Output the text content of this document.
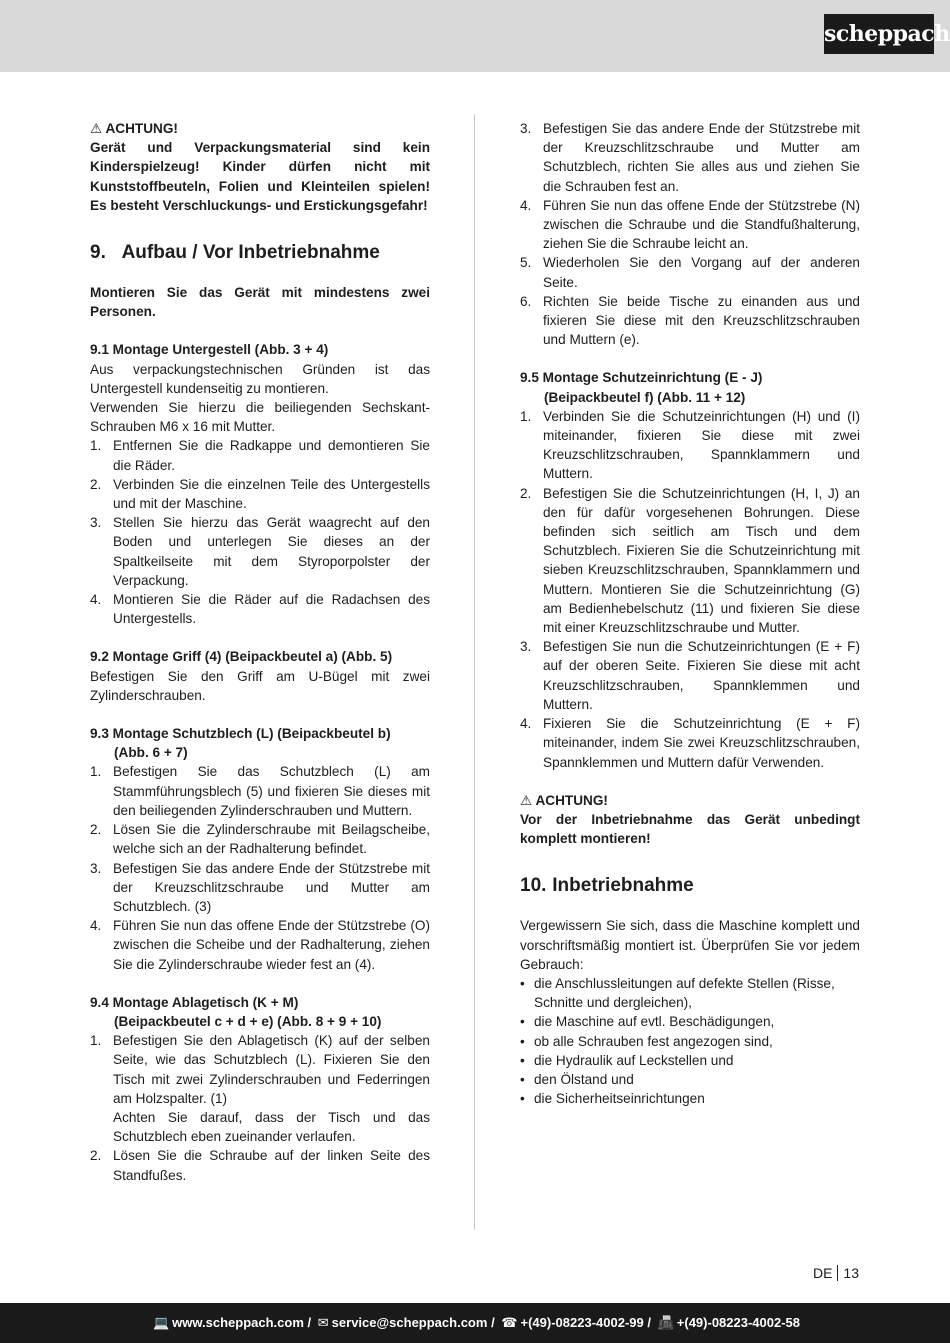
scheppach

⚠ ACHTUNG!

Gerät und Verpackungsmaterial sind kein Kinderspielzeug! Kinder dürfen nicht mit Kunststoffbeuteln, Folien und Kleinteilen spielen! Es besteht Verschluckungs- und Erstickungsgefahr!

9. Aufbau / Vor Inbetriebnahme

Montieren Sie das Gerät mit mindestens zwei Personen.

9.1 Montage Untergestell (Abb. 3 + 4)

Aus verpackungstechnischen Gründen ist das Untergestell kundenseitig zu montieren.

Verwenden Sie hierzu die beiliegenden Sechskant-Schrauben M6 x 16 mit Mutter.

1. Entfernen Sie die Radkappe und demontieren Sie die Räder.
2. Verbinden Sie die einzelnen Teile des Untergestells und mit der Maschine.
3. Stellen Sie hierzu das Gerät waagrecht auf den Boden und unterlegen Sie dieses an der Spaltkeilseite mit dem Styroporpolster der Verpackung.
4. Montieren Sie die Räder auf die Radachsen des Untergestells.

9.2 Montage Griff (4) (Beipackbeutel a) (Abb. 5)

Befestigen Sie den Griff am U-Bügel mit zwei Zylinderschrauben.

9.3 Montage Schutzblech (L) (Beipackbeutel b)

(Abb. 6 + 7)

1. Befestigen Sie das Schutzblech (L) am Stammführungsblech (5) und fixieren Sie dieses mit den beiliegenden Zylinderschrauben und Muttern.
2. Lösen Sie die Zylinderschraube mit Beilagscheibe, welche sich an der Radhalterung befindet.
3. Befestigen Sie das andere Ende der Stützstrebe mit der Kreuzschlitzschraube und Mutter am Schutzblech. (3)
4. Führen Sie nun das offene Ende der Stützstrebe (O) zwischen die Scheibe und der Radhalterung, ziehen Sie die Zylinderschraube wieder fest an (4).

9.4 Montage Ablagetisch (K + M)

(Beipackbeutel c + d + e) (Abb. 8 + 9 + 10)

1. Befestigen Sie den Ablagetisch (K) auf der selben Seite, wie das Schutzblech (L). Fixieren Sie den Tisch mit zwei Zylinderschrauben und Federringen am Holzspalter. (1)

Achten Sie darauf, dass der Tisch und das Schutzblech eben zueinander verlaufen.

2. Lösen Sie die Schraube auf der linken Seite des Standfußes.
3. Befestigen Sie das andere Ende der Stützstrebe mit der Kreuzschlitzschraube und Mutter am Schutzblech, richten Sie alles aus und ziehen Sie die Schrauben fest an.
4. Führen Sie nun das offene Ende der Stützstrebe (N) zwischen die Schraube und die Standfußhalterung, ziehen Sie die Schraube leicht an.
5. Wiederholen Sie den Vorgang auf der anderen Seite.
6. Richten Sie beide Tische zu einanden aus und fixieren Sie diese mit den Kreuzschlitzschrauben und Muttern (e).

9.5 Montage Schutzeinrichtung (E - J)

(Beipackbeutel f) (Abb. 11 + 12)

1. Verbinden Sie die Schutzeinrichtungen (H) und (I) miteinander, fixieren Sie diese mit zwei Kreuzschlitzschrauben, Spannklammern und Muttern.
2. Befestigen Sie die Schutzeinrichtungen (H, I, J) an den für dafür vorgesehenen Bohrungen. Diese befinden sich seitlich am Tisch und dem Schutzblech. Fixieren Sie die Schutzeinrichtung mit sieben Kreuzschlitzschrauben, Spannklammern und Muttern. Montieren Sie die Schutzeinrichtung (G) am Bedienhebelschutz (11) und fixieren Sie diese mit einer Kreuzschlitzschraube und Mutter.
3. Befestigen Sie nun die Schutzeinrichtungen (E + F) auf der oberen Seite. Fixieren Sie diese mit acht Kreuzschlitzschrauben, Spannklemmen und Muttern.
4. Fixieren Sie die Schutzeinrichtung (E + F) miteinander, indem Sie zwei Kreuzschlitzschrauben, Spannklemmen und Muttern dafür Verwenden.

⚠ ACHTUNG!

Vor der Inbetriebnahme das Gerät unbedingt komplett montieren!

10. Inbetriebnahme

Vergewissern Sie sich, dass die Maschine komplett und vorschriftsmäßig montiert ist. Überprüfen Sie vor jedem Gebrauch:

• die Anschlussleitungen auf defekte Stellen (Risse, Schnitte und dergleichen),
• die Maschine auf evtl. Beschädigungen,
• ob alle Schrauben fest angezogen sind,
• die Hydraulik auf Leckstellen und
• den Ölstand und
• die Sicherheitseinrichtungen
DE 13
💻 www.scheppach.com / ✉ service@scheppach.com / ☎ +(49)-08223-4002-99 / 📠 +(49)-08223-4002-58
